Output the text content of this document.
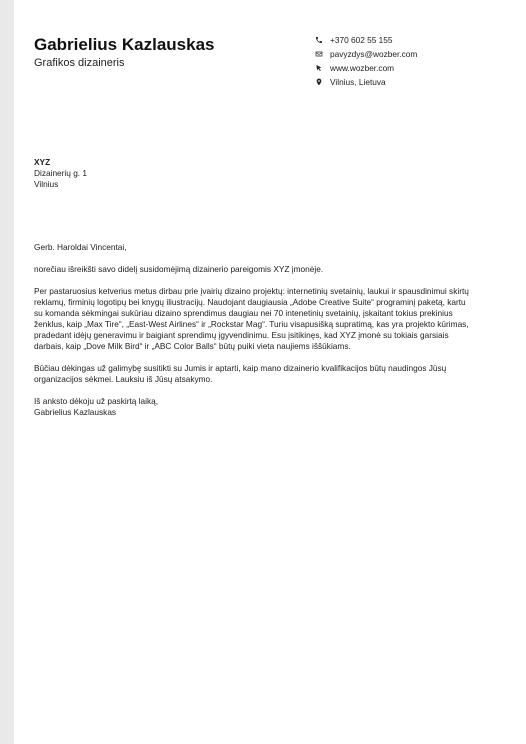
Gabrielius Kazlauskas
Grafikos dizaineris
+370 602 55 155
pavyzdys@wozber.com
www.wozber.com
Vilnius, Lietuva
XYZ
Dizainerių g. 1
Vilnius

Gerb. Haroldai Vincentai,

norečiau išreikšti savo didelį susidomėjimą dizainerio pareigomis XYZ įmonėje.

Per pastaruosius ketverius metus dirbau prie įvairių dizaino projektų: internetinių svetainių, laukui ir spausdinimui skirtų reklamų, firminių logotipų bei knygų iliustracijų. Naudojant daugiausia „Adobe Creative Suite“ programinį paketą, kartu su komanda sėkmingai sukūriau dizaino sprendimus daugiau nei 70 intenetinių svetainių, įskaitant tokius prekinius ženklus, kaip „Max Tire“, „East-West Airlines“ ir „Rockstar Mag“. Turiu visapusišką supratimą, kas yra projekto kūrimas, pradedant idėjų generavimu ir baigiant sprendimų įgyvendinimu. Esu įsitikinęs, kad XYZ įmonė su tokiais garsiais darbais, kaip „Dove Milk Bird“ ir „ABC Color Balls“ būtų puiki vieta naujiems iššūkiams.

Būčiau dėkingas už galimybę susitikti su Jumis ir aptarti, kaip mano dizainerio kvalifikacijos būtų naudingos Jūsų organizacijos sėkmei. Lauksiu iš Jūsų atsakymo.

Iš anksto dėkoju už paskirtą laiką,

Gabrielius Kazlauskas
